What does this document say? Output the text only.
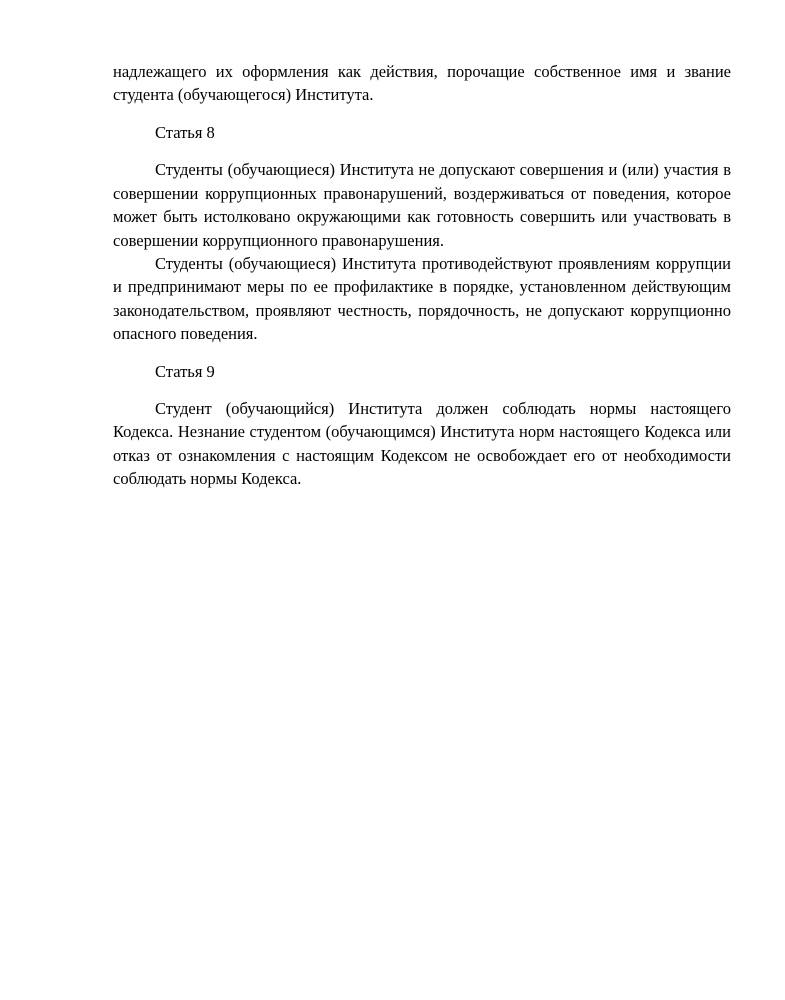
надлежащего их оформления как действия, порочащие собственное имя и звание студента (обучающегося) Института.

Статья 8

Студенты (обучающиеся) Института не допускают совершения и (или) участия в совершении коррупционных правонарушений, воздерживаться от поведения, которое может быть истолковано окружающими как готовность совершить или участвовать в совершении коррупционного правонарушения.

Студенты (обучающиеся) Института противодействуют проявлениям коррупции и предпринимают меры по ее профилактике в порядке, установленном действующим законодательством, проявляют честность, порядочность, не допускают коррупционно опасного поведения.

Статья 9

Студент (обучающийся) Института должен соблюдать нормы настоящего Кодекса. Незнание студентом (обучающимся) Института норм настоящего Кодекса или отказ от ознакомления с настоящим Кодексом не освобождает его от необходимости соблюдать нормы Кодекса.
